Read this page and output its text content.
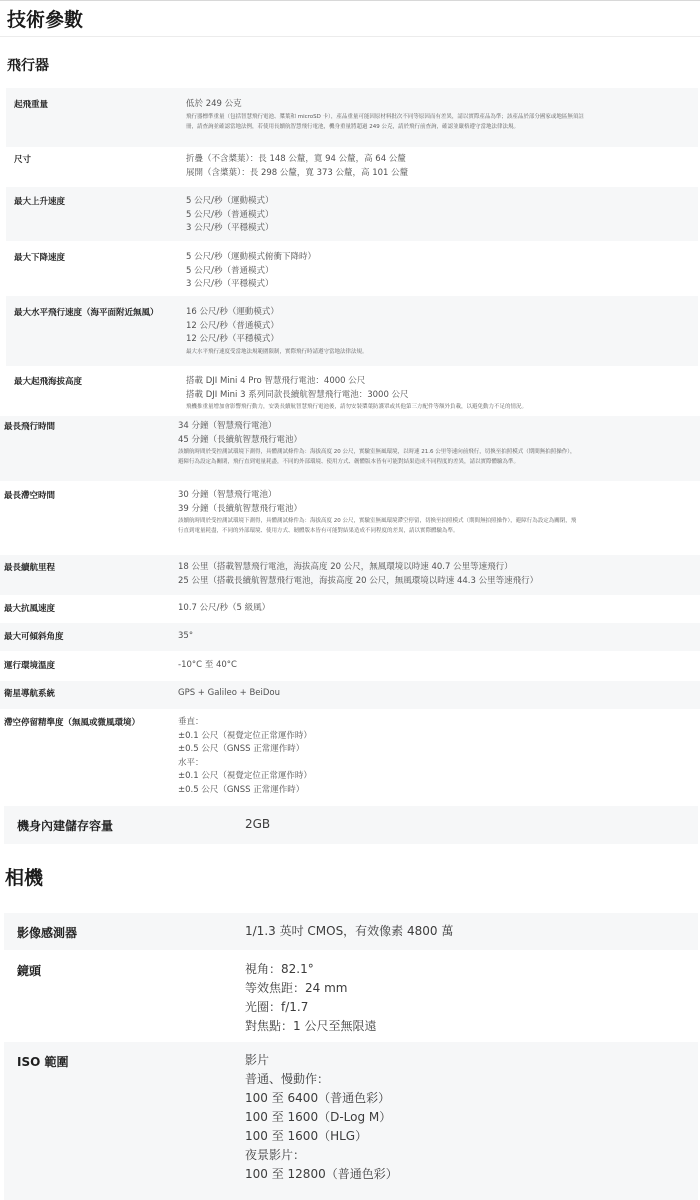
技術參數
飛行器
起飛重量	低於 249 公克
飛行器標準重量（包括智慧飛行電池、槳葉和 microSD 卡），產品重量可能因原材料批次不同等原因而有差異，請以實際產品為準；該產品於部分國家或地區無須註
冊，請查詢並確認當地法例，若使用長續航智慧飛行電池，機身重量將超過 249 公克，請於飛行前查詢，確認並嚴格遵守當地法律法規。
尺寸	折疊（不含槳葉）：長 148 公釐，寬 94 公釐，高 64 公釐
展開（含槳葉）：長 298 公釐，寬 373 公釐，高 101 公釐
最大上升速度	5 公尺/秒（運動模式）
5 公尺/秒（普通模式）
3 公尺/秒（平穩模式）
最大下降速度	5 公尺/秒（運動模式俯衝下降時）
5 公尺/秒（普通模式）
3 公尺/秒（平穩模式）
最大水平飛行速度（海平面附近無風）	16 公尺/秒（運動模式）
12 公尺/秒（普通模式）
12 公尺/秒（平穩模式）
最大水平飛行速度受當地法規範圍限制，實際飛行時請遵守當地法律法規。
最大起飛海拔高度	搭載 DJI Mini 4 Pro 智慧飛行電池：4000 公尺
搭載 DJI Mini 3 系列同款長續航智慧飛行電池：3000 公尺
飛機推重量增加會影響飛行動力，安裝長續航智慧飛行電池後，請勿安裝槳葉防護罩或其他第三方配件等額外負載，以避免動力不足的情況。
最長飛行時間	34 分鐘（智慧飛行電池）
45 分鐘（長續航智慧飛行電池）
該續航時間於受控測試環境下測得，具體測試條件為：海拔高度 20 公尺，實驗室無風環境，以時速 21.6 公里等速向前飛行，切換至拍照模式（期間無拍照操作），
避障行為設定為關閉，飛行直到電量耗盡，不同的外部環境、使用方式、韌體版本皆有可能對結果造成不同程度的差異，請以實際體驗為準。
最長滯空時間	30 分鐘（智慧飛行電池）
39 分鐘（長續航智慧飛行電池）
該續航時間於受控測試環境下測得，具體測試條件為：海拔高度 20 公尺，實驗室無風環境滯空停留，切換至拍照模式（期間無拍照操作），避障行為設定為關閉，飛
行直到電量耗盡，不同的外部環境、使用方式、韌體版本皆有可能對結果造成不同程度的差異，請以實際體驗為準。
最長續航里程	18 公里（搭載智慧飛行電池，海拔高度 20 公尺，無風環境以時速 40.7 公里等速飛行）
25 公里（搭載長續航智慧飛行電池，海拔高度 20 公尺，無風環境以時速 44.3 公里等速飛行）
最大抗風速度	10.7 公尺/秒（5 級風）
最大可傾斜角度	35°
運行環境溫度	-10°C 至 40°C
衛星導航系統	GPS + Galileo + BeiDou
滯空停留精準度（無風或微風環境）	垂直：
±0.1 公尺（視覺定位正常運作時）
±0.5 公尺（GNSS 正常運作時）
水平：
±0.1 公尺（視覺定位正常運作時）
±0.5 公尺（GNSS 正常運作時）
機身內建儲存容量	2GB
相機
影像感測器	1/1.3 英吋 CMOS，有效像素 4800 萬
鏡頭	視角：82.1°
等效焦距：24 mm
光圈：f/1.7
對焦點：1 公尺至無限遠
ISO 範圍	影片
普通、慢動作：
100 至 6400（普通色彩）
100 至 1600（D-Log M）
100 至 1600（HLG）
夜景影片：
100 至 12800（普通色彩）
